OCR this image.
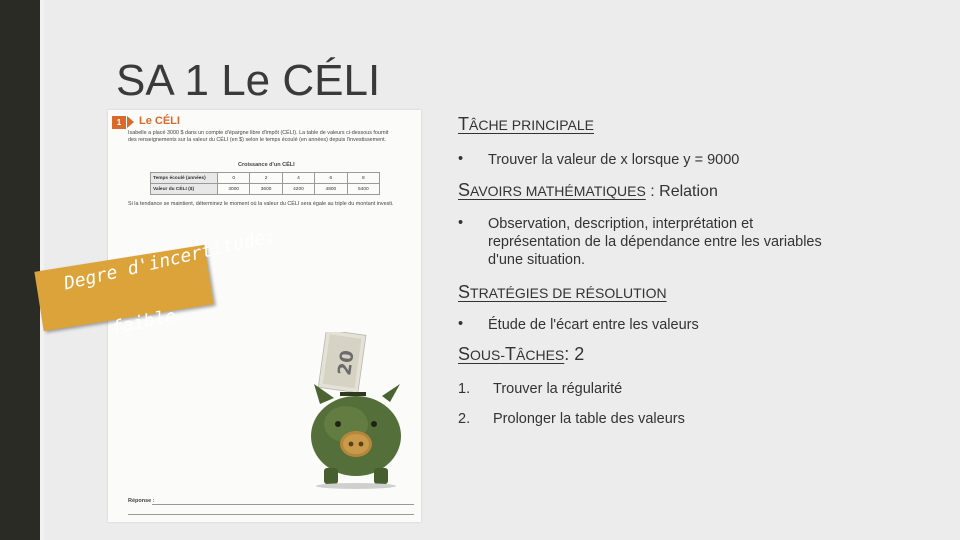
SA 1 Le CÉLI
1	Le CÉLI
Isabelle a placé 3000 $ dans un compte d'épargne libre d'impôt (CÉLI). La table de valeurs ci-dessous fournit des renseignements sur la valeur du CÉLI (en $) selon le temps écoulé (en années) depuis l'investissement.
Croissance d'un CÉLI
Temps écoulé (années)	0	2	4	6	8
Valeur du CÉLI ($)	3000	3600	4200	4800	5400
Si la tendance se maintient, déterminez le moment où la valeur du CÉLI sera égale au triple du montant investi.
20
Réponse :
Degre d'incertitude:
faible
TÂCHE PRINCIPALE
•	Trouver la valeur de x lorsque y = 9000
SAVOIRS MATHÉMATIQUES : Relation
•	Observation, description, interprétation et
représentation de la dépendance entre les variables
d'une situation.
STRATÉGIES DE RÉSOLUTION
•	Étude de l'écart entre les valeurs
SOUS-TÂCHES: 2
1. Trouver la régularité
2. Prolonger la table des valeurs
